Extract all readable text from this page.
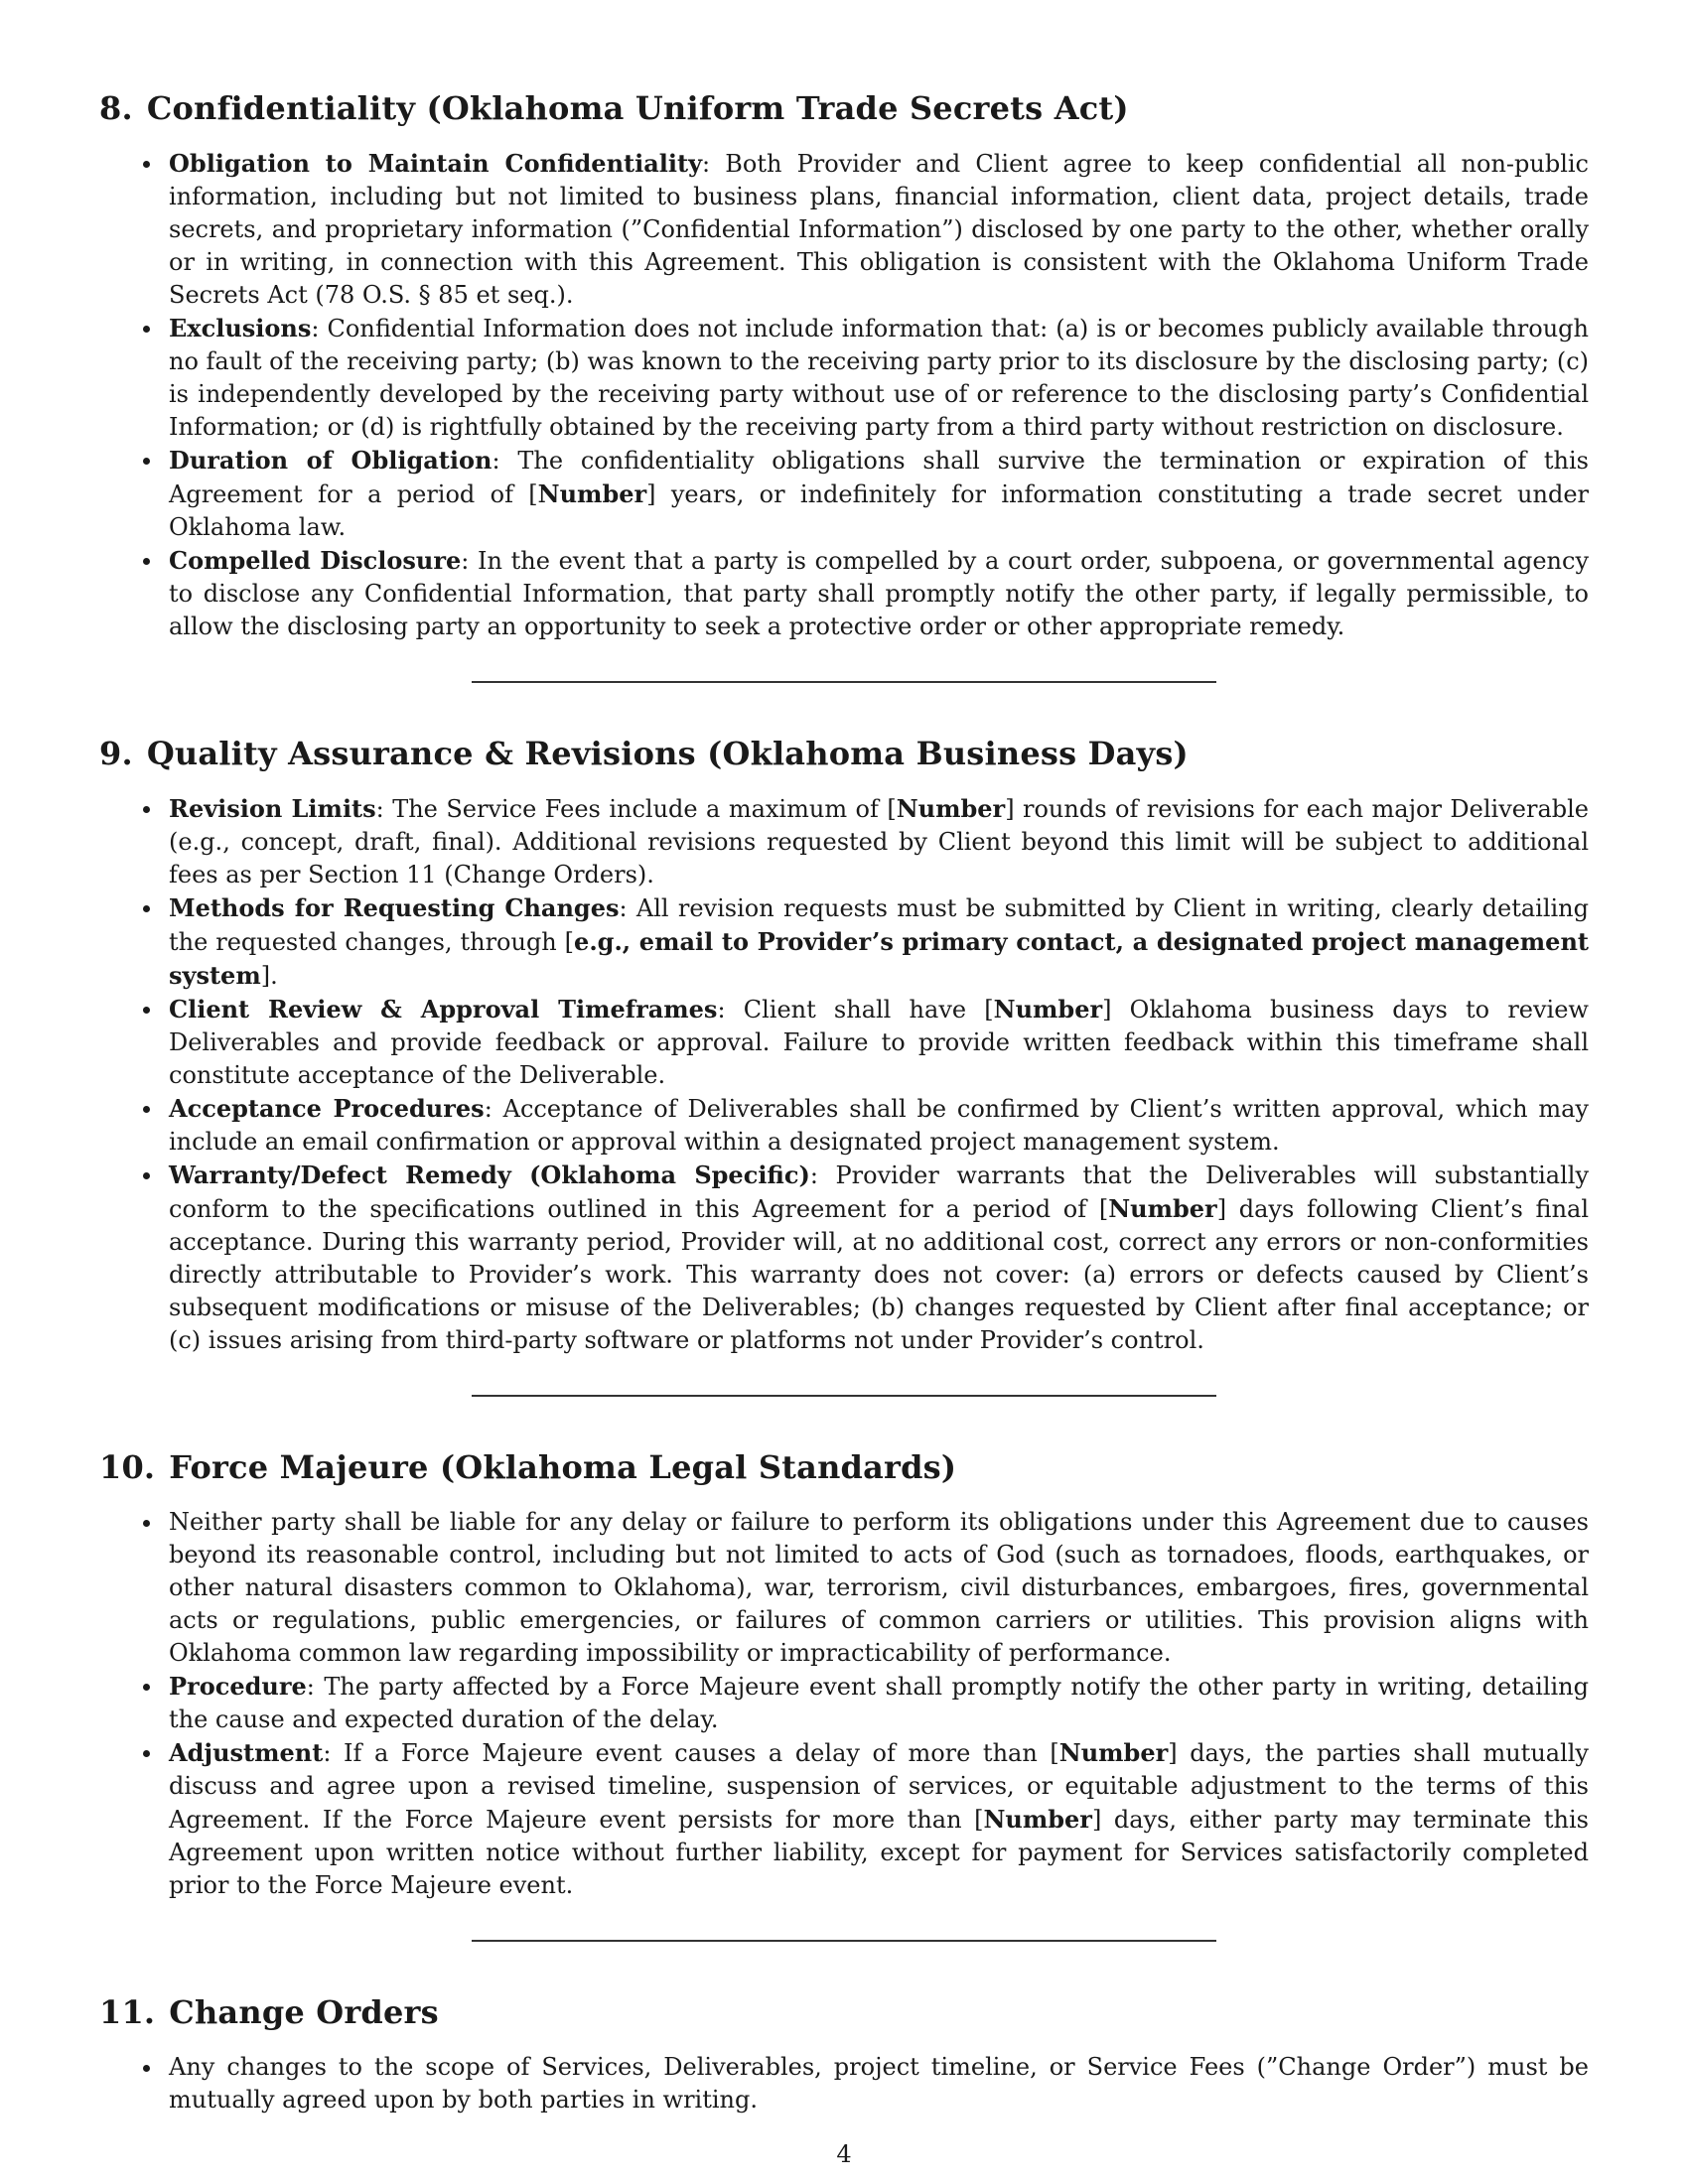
8. Confidentiality (Oklahoma Uniform Trade Secrets Act)
Obligation to Maintain Confidentiality: Both Provider and Client agree to keep confidential all non-public information, including but not limited to business plans, financial information, client data, project details, trade secrets, and proprietary information (”Confidential Information”) disclosed by one party to the other, whether orally or in writing, in connection with this Agreement. This obligation is consistent with the Oklahoma Uniform Trade Secrets Act (78 O.S. § 85 et seq.).
Exclusions: Confidential Information does not include information that: (a) is or becomes publicly available through no fault of the receiving party; (b) was known to the receiving party prior to its disclosure by the disclosing party; (c) is independently developed by the receiving party without use of or reference to the disclosing party’s Confidential Information; or (d) is rightfully obtained by the receiving party from a third party without restriction on disclosure.
Duration of Obligation: The confidentiality obligations shall survive the termination or expiration of this Agreement for a period of [Number] years, or indefinitely for information constituting a trade secret under Oklahoma law.
Compelled Disclosure: In the event that a party is compelled by a court order, subpoena, or governmental agency to disclose any Confidential Information, that party shall promptly notify the other party, if legally permissible, to allow the disclosing party an opportunity to seek a protective order or other appropriate remedy.
9. Quality Assurance & Revisions (Oklahoma Business Days)
Revision Limits: The Service Fees include a maximum of [Number] rounds of revisions for each major Deliverable (e.g., concept, draft, final). Additional revisions requested by Client beyond this limit will be subject to additional fees as per Section 11 (Change Orders).
Methods for Requesting Changes: All revision requests must be submitted by Client in writing, clearly detailing the requested changes, through [e.g., email to Provider’s primary contact, a designated project management system].
Client Review & Approval Timeframes: Client shall have [Number] Oklahoma business days to review Deliverables and provide feedback or approval. Failure to provide written feedback within this timeframe shall constitute acceptance of the Deliverable.
Acceptance Procedures: Acceptance of Deliverables shall be confirmed by Client’s written approval, which may include an email confirmation or approval within a designated project management system.
Warranty/Defect Remedy (Oklahoma Specific): Provider warrants that the Deliverables will substantially conform to the specifications outlined in this Agreement for a period of [Number] days following Client’s final acceptance. During this warranty period, Provider will, at no additional cost, correct any errors or non-conformities directly attributable to Provider’s work. This warranty does not cover: (a) errors or defects caused by Client’s subsequent modifications or misuse of the Deliverables; (b) changes requested by Client after final acceptance; or (c) issues arising from third-party software or platforms not under Provider’s control.
10. Force Majeure (Oklahoma Legal Standards)
Neither party shall be liable for any delay or failure to perform its obligations under this Agreement due to causes beyond its reasonable control, including but not limited to acts of God (such as tornadoes, floods, earthquakes, or other natural disasters common to Oklahoma), war, terrorism, civil disturbances, embargoes, fires, governmental acts or regulations, public emergencies, or failures of common carriers or utilities. This provision aligns with Oklahoma common law regarding impossibility or impracticability of performance.
Procedure: The party affected by a Force Majeure event shall promptly notify the other party in writing, detailing the cause and expected duration of the delay.
Adjustment: If a Force Majeure event causes a delay of more than [Number] days, the parties shall mutually discuss and agree upon a revised timeline, suspension of services, or equitable adjustment to the terms of this Agreement. If the Force Majeure event persists for more than [Number] days, either party may terminate this Agreement upon written notice without further liability, except for payment for Services satisfactorily completed prior to the Force Majeure event.
11. Change Orders
Any changes to the scope of Services, Deliverables, project timeline, or Service Fees (”Change Order”) must be mutually agreed upon by both parties in writing.
4
